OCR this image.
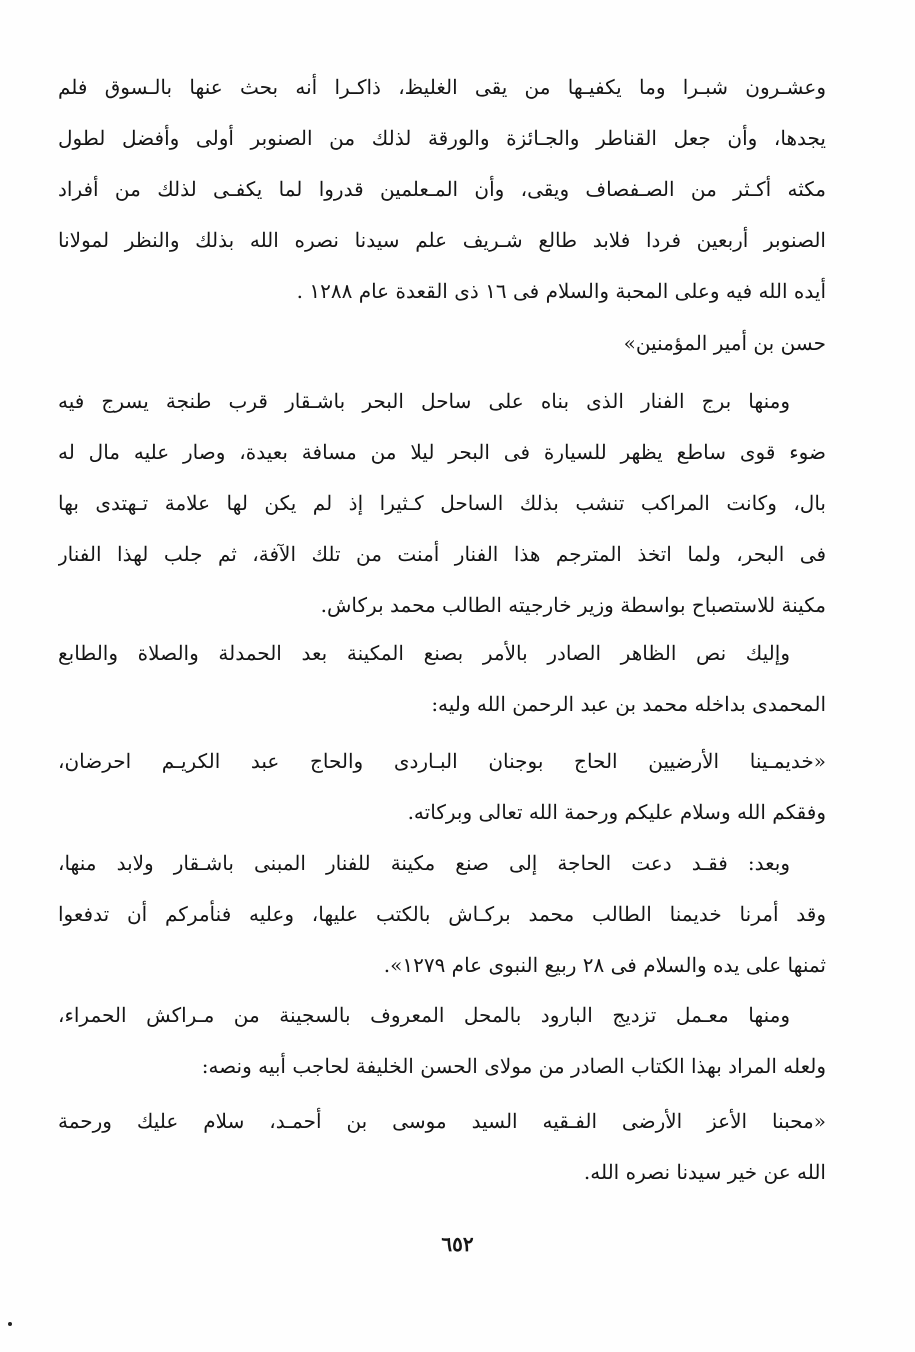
وعشـرون شبـرا وما يكفيـها من يقى الغليظ، ذاكـرا أنه بحث عنها بالـسوق فلم
يجدها، وأن جعل القناطر والجـائزة والورقة لذلك من الصنوبر أولى وأفضل لطول
مكثه أكـثر من الصـفصاف ويقى، وأن المـعلمين قدروا لما يكفـى لذلك من أفراد
الصنوبر أربعين فردا فلابد طالع شـريف علم سيدنا نصره الله بذلك والنظر لمولانا
أيده الله فيه وعلى المحبة والسلام فى ١٦ ذى القعدة عام ١٢٨٨ .
حسن بن أمير المؤمنين»
ومنها برج الفنار الذى بناه على ساحل البحر باشـقار قرب طنجة يسرج فيه
ضوء قوى ساطع يظهر للسيارة فى البحر ليلا من مسافة بعيدة، وصار عليه مال له
بال، وكانت المراكب تنشب بذلك الساحل كـثيرا إذ لم يكن لها علامة تـهتدى بها
فى البحر، ولما اتخذ المترجم هذا الفنار أمنت من تلك الآفة، ثم جلب لهذا الفنار
مكينة للاستصباح بواسطة وزير خارجيته الطالب محمد بركاش.
وإليك نص الظاهر الصادر بالأمر بصنع المكينة بعد الحمدلة والصلاة والطابع
المحمدى بداخله محمد بن عبد الرحمن الله وليه:
«خديمـينا الأرضيين الحاج بوجنان البـاردى والحاج عبد الكريـم احرضان،
وفقكم الله وسلام عليكم ورحمة الله تعالى وبركاته.
وبعد: فقـد دعت الحاجة إلى صنع مكينة للفنار المبنى باشـقار ولابد منها،
وقد أمرنا خديمنا الطالب محمد بركـاش بالكتب عليها، وعليه فنأمركم أن تدفعوا
ثمنها على يده والسلام فى ٢٨ ربيع النبوى عام ١٢٧٩».
ومنها معـمل تزديج البارود بالمحل المعروف بالسجينة من مـراكش الحمراء،
ولعله المراد بهذا الكتاب الصادر من مولاى الحسن الخليفة لحاجب أبيه ونصه:
«محبنا الأعز الأرضى الفـقيه السيد موسى بن أحمـد، سلام عليك ورحمة
الله عن خير سيدنا نصره الله.
٦٥٢
